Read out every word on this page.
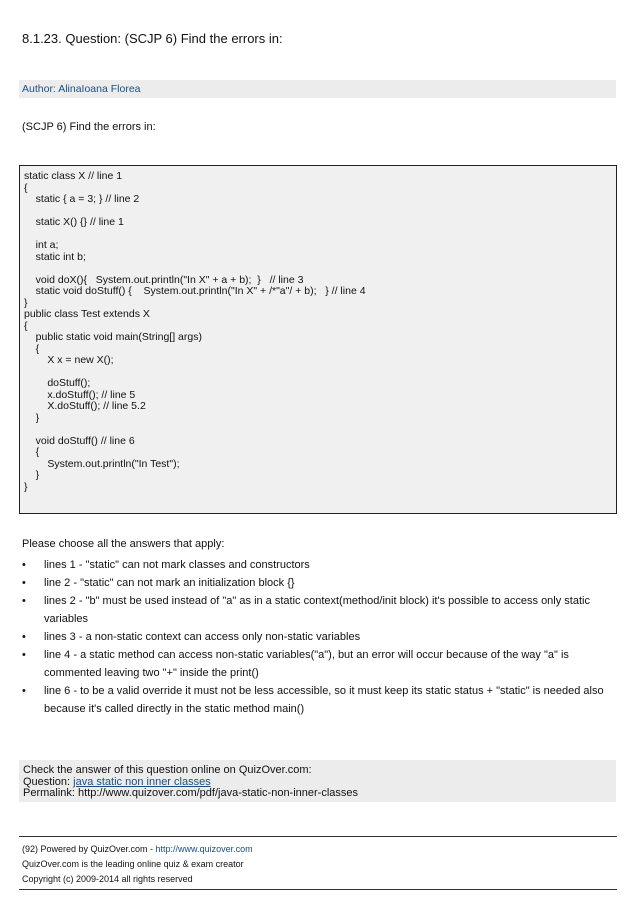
8.1.23. Question: (SCJP 6) Find the errors in:
Author: AlinaIoana Florea
(SCJP 6) Find the errors in:
static class X // line 1
{
static { a = 3; } // line 2
static X() {} // line 1
int a;
static int b;
void doX(){   System.out.println("In X" + a + b);  }   // line 3
static void doStuff() {    System.out.println("In X" + /*"a"/ + b);   } // line 4
}
public class Test extends X
{
public static void main(String[] args)
{
X x = new X();
doStuff();
x.doStuff(); // line 5
X.doStuff(); // line 5.2
}
void doStuff() // line 6
{
System.out.println("In Test");
}
}
Please choose all the answers that apply:
• lines 1 - "static" can not mark classes and constructors
• line 2 - "static" can not mark an initialization block {}
• lines 2 - "b" must be used instead of "a" as in a static context(method/init block) it's possible to access only static variables
• lines 3 - a non-static context can access only non-static variables
• line 4 - a static method can access non-static variables("a"), but an error will occur because of the way "a" is commented leaving two "+" inside the print()
• line 6 - to be a valid override it must not be less accessible, so it must keep its static status + "static" is needed also because it's called directly in the static method main()
Check the answer of this question online on QuizOver.com:
Question: java static non inner classes
Permalink: http://www.quizover.com/pdf/java-static-non-inner-classes
(92) Powered by QuizOver.com - http://www.quizover.com
QuizOver.com is the leading online quiz & exam creator
Copyright (c) 2009-2014 all rights reserved
